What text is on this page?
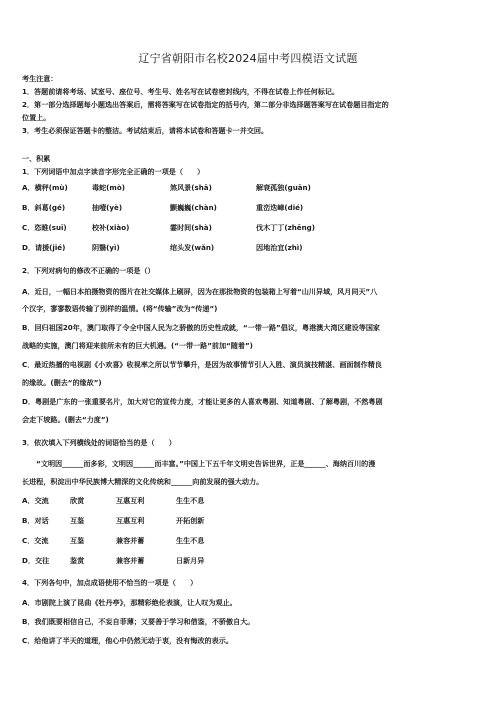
辽宁省朝阳市名校2024届中考四模语文试题
考生注意：
1．答题前请将考场、试室号、座位号、考生号、姓名写在试卷密封线内，不得在试卷上作任何标记。
2．第一部分选择题每小题选出答案后，需将答案写在试卷指定的括号内，第二部分非选择题答案写在试卷题目指定的
位置上。
3．考生必须保证答题卡的整洁。考试结束后，请将本试卷和答题卡一并交回。
一、积累
1．下列词语中加点字读音字形完全正确的一项是（　　）
A．横秤(mù)	毒蛇(mò)	煞风景(shā)	解衰孤独(guān)
B．斜葛(gé)	抽噎(yè)	颤巍巍(chàn)	重峦迭嶂(dié)
C．恣睢(suī)	校补(xiào)	霎时间(shà)	伐木丁丁(zhēng)
D．请援(jié)	阴翳(yì)	绾头发(wǎn)	因地治宜(zhì)
2．下列对病句的修改不正确的一项是（）
A．近日，一幅日本拍摄物资的图片在社交媒体上刷屏，因为在那批物资的包装箱上写着“山川异域，风月同天”八
个汉字，寥寥数语传输了别样的温情。(将“传输”改为“传递”)
B．回归祖国20年，澳门取得了令全中国人民为之骄傲的历史性成就，“一带一路”倡议，粤港澳大湾区建设等国家
战略的实施，澳门将迎来前所未有的巨大机遇。(“一带一路”前加“随着”)
C．最近热播的电视剧《小欢喜》收视率之所以节节攀升，是因为故事情节引人入胜、演员演技精湛、画面制作精良
的缘故。(删去“的缘故”)
D．粤剧是广东的一张重要名片，加大对它的宣传力度，才能让更多的人喜欢粤剧、知道粤剧、了解粤剧，不然粤剧
会走下坡路。(删去“力度”)
3．依次填入下列横线处的词语恰当的是（　　）
　　“文明因______而多彩，文明因______而丰富。”中国上下五千年文明史告诉世界，正是______、海纳百川的漫
长进程，积淀出中华民族博大精深的文化传统和______向前发展的强大动力。
A．交流	欣赏	互惠互利	生生不息
B．对话	互鉴	互惠互利	开拓创新
C．交流	互鉴	兼容并蓄	生生不息
D．交往	鉴赏	兼容并蓄	日新月异
4．下列各句中，加点成语使用不恰当的一项是（　　）
A．市剧院上演了昆曲《牡丹亭》，那精彩绝伦表演，让人叹为观止。
B．我们既要相信自己，不妄自菲薄；又要善于学习和借鉴，不骄傲自大。
C．给他讲了半天的道理，他心中仍然无动于衷，没有悔改的表示。
